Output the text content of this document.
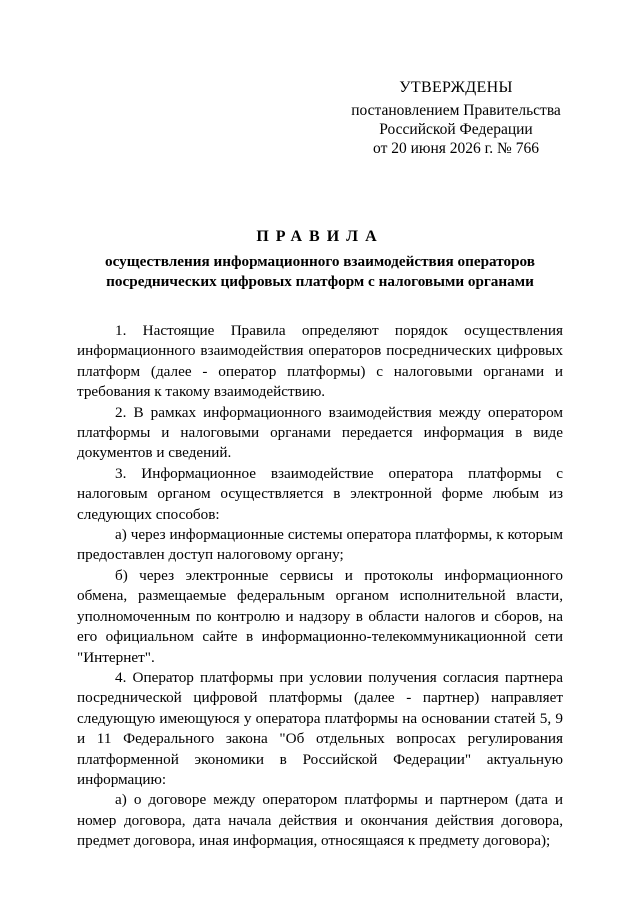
УТВЕРЖДЕНЫ
постановлением Правительства
Российской Федерации
от 20 июня 2026 г. № 766
ПРАВИЛА
осуществления информационного взаимодействия операторов
посреднических цифровых платформ с налоговыми органами

1. Настоящие Правила определяют порядок осуществления информационного взаимодействия операторов посреднических цифровых платформ (далее - оператор платформы) с налоговыми органами и требования к такому взаимодействию.

2. В рамках информационного взаимодействия между оператором платформы и налоговыми органами передается информация в виде документов и сведений.

3. Информационное взаимодействие оператора платформы с налоговым органом осуществляется в электронной форме любым из следующих способов:

а) через информационные системы оператора платформы, к которым предоставлен доступ налоговому органу;

б) через электронные сервисы и протоколы информационного обмена, размещаемые федеральным органом исполнительной власти, уполномоченным по контролю и надзору в области налогов и сборов, на его официальном сайте в информационно-телекоммуникационной сети "Интернет".

4. Оператор платформы при условии получения согласия партнера посреднической цифровой платформы (далее - партнер) направляет следующую имеющуюся у оператора платформы на основании статей 5, 9 и 11 Федерального закона "Об отдельных вопросах регулирования платформенной экономики в Российской Федерации" актуальную информацию:

а) о договоре между оператором платформы и партнером (дата и номер договора, дата начала действия и окончания действия договора, предмет договора, иная информация, относящаяся к предмету договора);
